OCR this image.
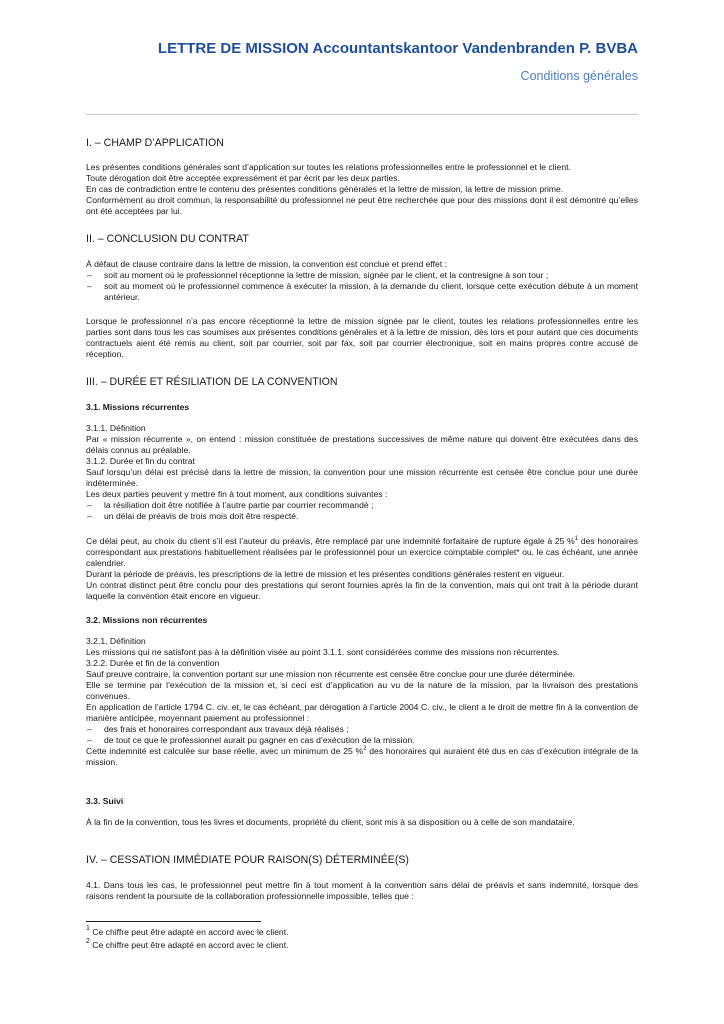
LETTRE DE MISSION Accountantskantoor Vandenbranden P. BVBA
Conditions générales
I. – CHAMP D’APPLICATION

Les présentes conditions générales sont d’application sur toutes les relations professionnelles entre le professionnel et le client.

Toute dérogation doit être acceptée expressément et par écrit par les deux parties.

En cas de contradiction entre le contenu des présentes conditions générales et la lettre de mission, la lettre de mission prime.

Conformément au droit commun, la responsabilité du professionnel ne peut être recherchée que pour des missions dont il est démontré qu’elles ont été acceptées par lui.

II. – CONCLUSION DU CONTRAT

À défaut de clause contraire dans la lettre de mission, la convention est conclue et prend effet :

–	soit au moment où le professionnel réceptionne la lettre de mission, signée par le client, et la contresigne à son tour ;
–	soit au moment où le professionnel commence à exécuter la mission, à la demande du client, lorsque cette exécution débute à un moment antérieur.

Lorsque le professionnel n’a pas encore réceptionné la lettre de mission signée par le client, toutes les relations professionnelles entre les parties sont dans tous les cas soumises aux présentes conditions générales et à la lettre de mission, dès lors et pour autant que ces documents contractuels aient été remis au client, soit par courrier, soit par fax, soit par courrier électronique, soit en mains propres contre accusé de réception.

III. – DURÉE ET RÉSILIATION DE LA CONVENTION
3.1. Missions récurrentes

3.1.1. Définition

Par « mission récurrente », on entend : mission constituée de prestations successives de même nature qui doivent être exécutées dans des délais connus au préalable.

3.1.2. Durée et fin du contrat

Sauf lorsqu’un délai est précisé dans la lettre de mission, la convention pour une mission récurrente est censée être conclue pour une durée indéterminée.

Les deux parties peuvent y mettre fin à tout moment, aux conditions suivantes :

–	la résiliation doit être notifiée à l’autre partie par courrier recommandé ;
–	un délai de préavis de trois mois doit être respecté.

Ce délai peut, au choix du client s’il est l’auteur du préavis, être remplacé par une indemnité forfaitaire de rupture égale à 25 %$^1$ des honoraires correspondant aux prestations habituellement réalisées par le professionnel pour un exercice comptable complet* ou, le cas échéant, une année calendrier.

Durant la période de préavis, les prescriptions de la lettre de mission et les présentes conditions générales restent en vigueur.

Un contrat distinct peut être conclu pour des prestations qui seront fournies après la fin de la convention, mais qui ont trait à la période durant laquelle la convention était encore en vigueur.

3.2. Missions non récurrentes

3.2.1. Définition

Les missions qui ne satisfont pas à la définition visée au point 3.1.1. sont considérées comme des missions non récurrentes.

3.2.2. Durée et fin de la convention

Sauf preuve contraire, la convention portant sur une mission non récurrente est censée être conclue pour une durée déterminée.

Elle se termine par l’exécution de la mission et, si ceci est d’application au vu de la nature de la mission, par la livraison des prestations convenues.

En application de l’article 1794 C. civ. et, le cas échéant, par dérogation à l’article 2004 C. civ., le client a le droit de mettre fin à la convention de manière anticipée, moyennant paiement au professionnel :

–	des frais et honoraires correspondant aux travaux déjà réalisés ;
–	de tout ce que le professionnel aurait pu gagner en cas d’exécution de la mission.

Cette indemnité est calculée sur base réelle, avec un minimum de 25 %$^2$ des honoraires qui auraient été dus en cas d’exécution intégrale de la mission.

3.3. Suivi

À la fin de la convention, tous les livres et documents, propriété du client, sont mis à sa disposition ou à celle de son mandataire.

IV. – CESSATION IMMÉDIATE POUR RAISON(S) DÉTERMINÉE(S)

4.1. Dans tous les cas, le professionnel peut mettre fin à tout moment à la convention sans délai de préavis et sans indemnité, lorsque des raisons rendent la poursuite de la collaboration professionnelle impossible, telles que :

$^1$ Ce chiffre peut être adapté en accord avec le client.
$^2$ Ce chiffre peut être adapté en accord avec le client.
